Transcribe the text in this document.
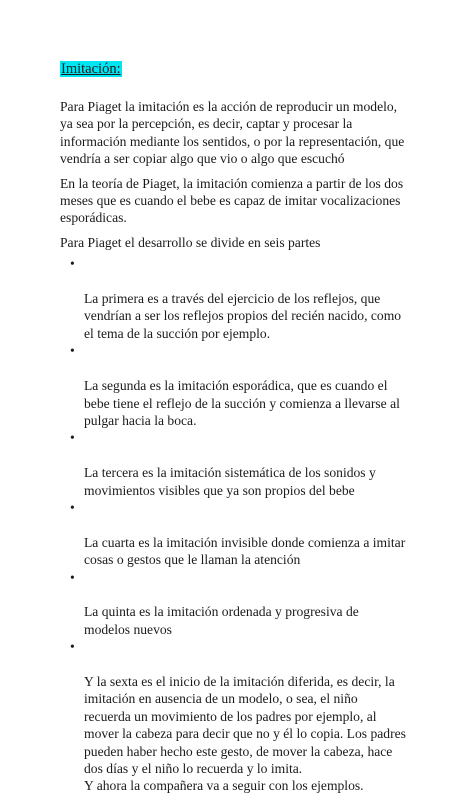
Imitación:

Para Piaget la imitación es la acción de reproducir un modelo,
ya sea por la percepción, es decir, captar y procesar la
información mediante los sentidos, o por la representación, que
vendría a ser copiar algo que vio o algo que escuchó

En la teoría de Piaget, la imitación comienza a partir de los dos
meses que es cuando el bebe es capaz de imitar vocalizaciones
esporádicas.

Para Piaget el desarrollo se divide en seis partes

•

La primera es a través del ejercicio de los reflejos, que
vendrían a ser los reflejos propios del recién nacido, como
el tema de la succión por ejemplo.

•

La segunda es la imitación esporádica, que es cuando el
bebe tiene el reflejo de la succión y comienza a llevarse al
pulgar hacia la boca.

•

La tercera es la imitación sistemática de los sonidos y
movimientos visibles que ya son propios del bebe

•

La cuarta es la imitación invisible donde comienza a imitar
cosas o gestos que le llaman la atención

•

La quinta es la imitación ordenada y progresiva de
modelos nuevos

•

Y la sexta es el inicio de la imitación diferida, es decir, la
imitación en ausencia de un modelo, o sea, el niño
recuerda un movimiento de los padres por ejemplo, al
mover la cabeza para decir que no y él lo copia. Los padres
pueden haber hecho este gesto, de mover la cabeza, hace
dos días y el niño lo recuerda y lo imita.
Y ahora la compañera va a seguir con los ejemplos.
